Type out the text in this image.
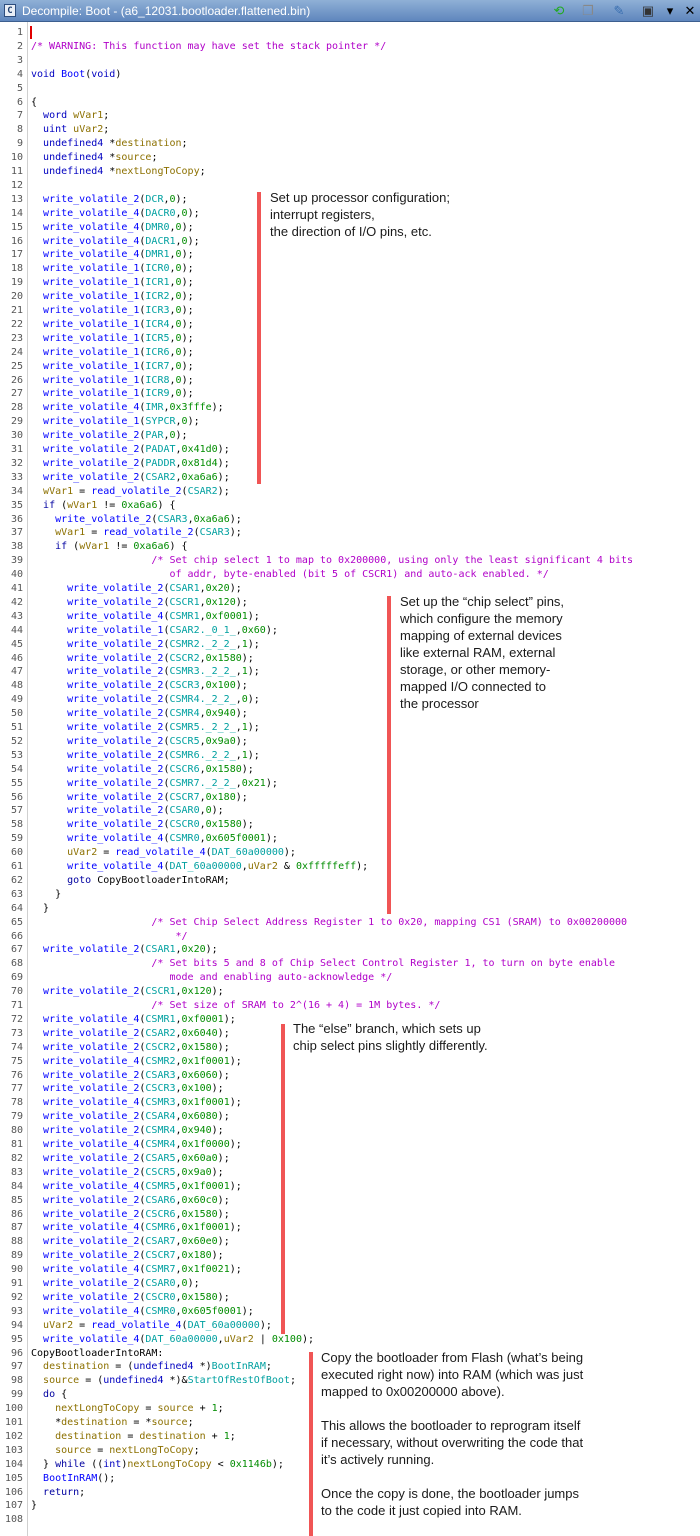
C Decompile: Boot - (a6_12031.bootloader.flattened.bin)	⟲ ❐ ✎ ▣ ▾ ✕
1
2
3
4
5
6
7
8
9
10
11
12
13
14
15
16
17
18
19
20
21
22
23
24
25
26
27
28
29
30
31
32
33
34
35
36
37
38
39
40
41
42
43
44
45
46
47
48
49
50
51
52
53
54
55
56
57
58
59
60
61
62
63
64
65
66
67
68
69
70
71
72
73
74
75
76
77
78
79
80
81
82
83
84
85
86
87
88
89
90
91
92
93
94
95
96
97
98
99
100
101
102
103
104
105
106
107
108
/* WARNING: This function may have set the stack pointer */
void Boot(void)
{
word wVar1;
uint uVar2;
undefined4 *destination;
undefined4 *source;
undefined4 *nextLongToCopy;
write_volatile_2(DCR,0);
write_volatile_4(DACR0,0);
write_volatile_4(DMR0,0);
write_volatile_4(DACR1,0);
write_volatile_4(DMR1,0);
write_volatile_1(ICR0,0);
write_volatile_1(ICR1,0);
write_volatile_1(ICR2,0);
write_volatile_1(ICR3,0);
write_volatile_1(ICR4,0);
write_volatile_1(ICR5,0);
write_volatile_1(ICR6,0);
write_volatile_1(ICR7,0);
write_volatile_1(ICR8,0);
write_volatile_1(ICR9,0);
write_volatile_4(IMR,0x3fffe);
write_volatile_1(SYPCR,0);
write_volatile_2(PAR,0);
write_volatile_2(PADAT,0x41d0);
write_volatile_2(PADDR,0x81d4);
write_volatile_2(CSAR2,0xa6a6);
wVar1 = read_volatile_2(CSAR2);
if (wVar1 != 0xa6a6) {
write_volatile_2(CSAR3,0xa6a6);
wVar1 = read_volatile_2(CSAR3);
if (wVar1 != 0xa6a6) {
/* Set chip select 1 to map to 0x200000, using only the least significant 4 bits
of addr, byte-enabled (bit 5 of CSCR1) and auto-ack enabled. */
write_volatile_2(CSAR1,0x20);
write_volatile_2(CSCR1,0x120);
write_volatile_4(CSMR1,0xf0001);
write_volatile_1(CSAR2._0_1_,0x60);
write_volatile_2(CSMR2._2_2_,1);
write_volatile_2(CSCR2,0x1580);
write_volatile_2(CSMR3._2_2_,1);
write_volatile_2(CSCR3,0x100);
write_volatile_2(CSMR4._2_2_,0);
write_volatile_2(CSMR4,0x940);
write_volatile_2(CSMR5._2_2_,1);
write_volatile_2(CSCR5,0x9a0);
write_volatile_2(CSMR6._2_2_,1);
write_volatile_2(CSCR6,0x1580);
write_volatile_2(CSMR7._2_2_,0x21);
write_volatile_2(CSCR7,0x180);
write_volatile_2(CSAR0,0);
write_volatile_2(CSCR0,0x1580);
write_volatile_4(CSMR0,0x605f0001);
uVar2 = read_volatile_4(DAT_60a00000);
write_volatile_4(DAT_60a00000,uVar2 & 0xfffffeff);
goto CopyBootloaderIntoRAM;
}
}
/* Set Chip Select Address Register 1 to 0x20, mapping CS1 (SRAM) to 0x00200000
*/
write_volatile_2(CSAR1,0x20);
/* Set bits 5 and 8 of Chip Select Control Register 1, to turn on byte enable
mode and enabling auto-acknowledge */
write_volatile_2(CSCR1,0x120);
/* Set size of SRAM to 2^(16 + 4) = 1M bytes. */
write_volatile_4(CSMR1,0xf0001);
write_volatile_2(CSAR2,0x6040);
write_volatile_2(CSCR2,0x1580);
write_volatile_4(CSMR2,0x1f0001);
write_volatile_2(CSAR3,0x6060);
write_volatile_2(CSCR3,0x100);
write_volatile_4(CSMR3,0x1f0001);
write_volatile_2(CSAR4,0x6080);
write_volatile_2(CSMR4,0x940);
write_volatile_4(CSMR4,0x1f0000);
write_volatile_2(CSAR5,0x60a0);
write_volatile_2(CSCR5,0x9a0);
write_volatile_4(CSMR5,0x1f0001);
write_volatile_2(CSAR6,0x60c0);
write_volatile_2(CSCR6,0x1580);
write_volatile_4(CSMR6,0x1f0001);
write_volatile_2(CSAR7,0x60e0);
write_volatile_2(CSCR7,0x180);
write_volatile_4(CSMR7,0x1f0021);
write_volatile_2(CSAR0,0);
write_volatile_2(CSCR0,0x1580);
write_volatile_4(CSMR0,0x605f0001);
uVar2 = read_volatile_4(DAT_60a00000);
write_volatile_4(DAT_60a00000,uVar2 | 0x100);
CopyBootloaderIntoRAM:
destination = (undefined4 *)BootInRAM;
source = (undefined4 *)&StartOfRestOfBoot;
do {
nextLongToCopy = source + 1;
*destination = *source;
destination = destination + 1;
source = nextLongToCopy;
} while ((int)nextLongToCopy < 0x1146b);
BootInRAM();
return;
}
Set up processor configuration;
interrupt registers,
the direction of I/O pins, etc.
Set up the “chip select” pins,
which configure the memory
mapping of external devices
like external RAM, external
storage, or other memory-
mapped I/O connected to
the processor
The “else” branch, which sets up
chip select pins slightly differently.
Copy the bootloader from Flash (what’s being
executed right now) into RAM (which was just
mapped to 0x00200000 above).

This allows the bootloader to reprogram itself
if necessary, without overwriting the code that
it’s actively running.

Once the copy is done, the bootloader jumps
to the code it just copied into RAM.
